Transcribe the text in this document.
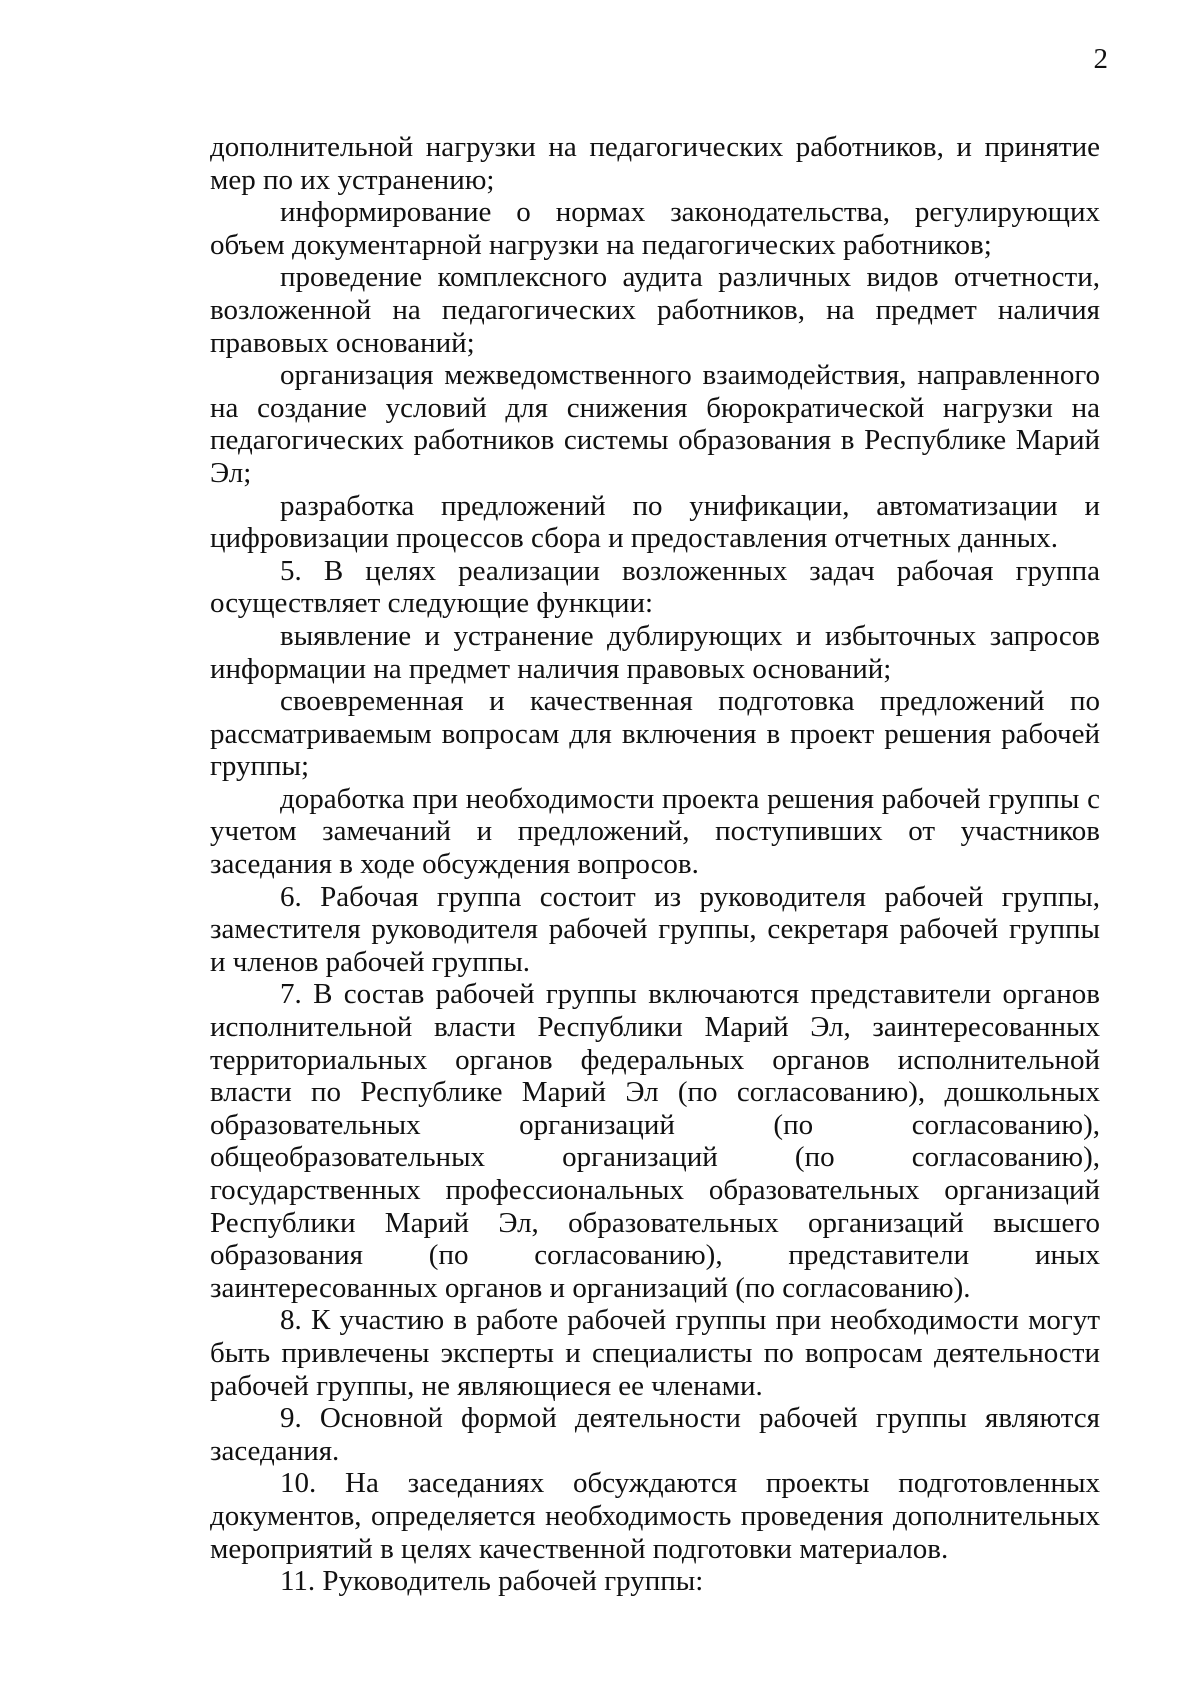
2

дополнительной нагрузки на педагогических работников, и принятие мер по их устранению;

информирование о нормах законодательства, регулирующих объем документарной нагрузки на педагогических работников;

проведение комплексного аудита различных видов отчетности, возложенной на педагогических работников, на предмет наличия правовых оснований;

организация межведомственного взаимодействия, направленного на создание условий для снижения бюрократической нагрузки на педагогических работников системы образования в Республике Марий Эл;

разработка предложений по унификации, автоматизации и цифровизации процессов сбора и предоставления отчетных данных.

5. В целях реализации возложенных задач рабочая группа осуществляет следующие функции:

выявление и устранение дублирующих и избыточных запросов информации на предмет наличия правовых оснований;

своевременная и качественная подготовка предложений по рассматриваемым вопросам для включения в проект решения рабочей группы;

доработка при необходимости проекта решения рабочей группы с учетом замечаний и предложений, поступивших от участников заседания в ходе обсуждения вопросов.

6. Рабочая группа состоит из руководителя рабочей группы, заместителя руководителя рабочей группы, секретаря рабочей группы и членов рабочей группы.

7. В состав рабочей группы включаются представители органов исполнительной власти Республики Марий Эл, заинтересованных территориальных органов федеральных органов исполнительной власти по Республике Марий Эл (по согласованию), дошкольных образовательных организаций (по согласованию), общеобразовательных организаций (по согласованию), государственных профессиональных образовательных организаций Республики Марий Эл, образовательных организаций высшего образования (по согласованию), представители иных заинтересованных органов и организаций (по согласованию).

8. К участию в работе рабочей группы при необходимости могут быть привлечены эксперты и специалисты по вопросам деятельности рабочей группы, не являющиеся ее членами.

9. Основной формой деятельности рабочей группы являются заседания.

10. На заседаниях обсуждаются проекты подготовленных документов, определяется необходимость проведения дополнительных мероприятий в целях качественной подготовки материалов.

11. Руководитель рабочей группы:
